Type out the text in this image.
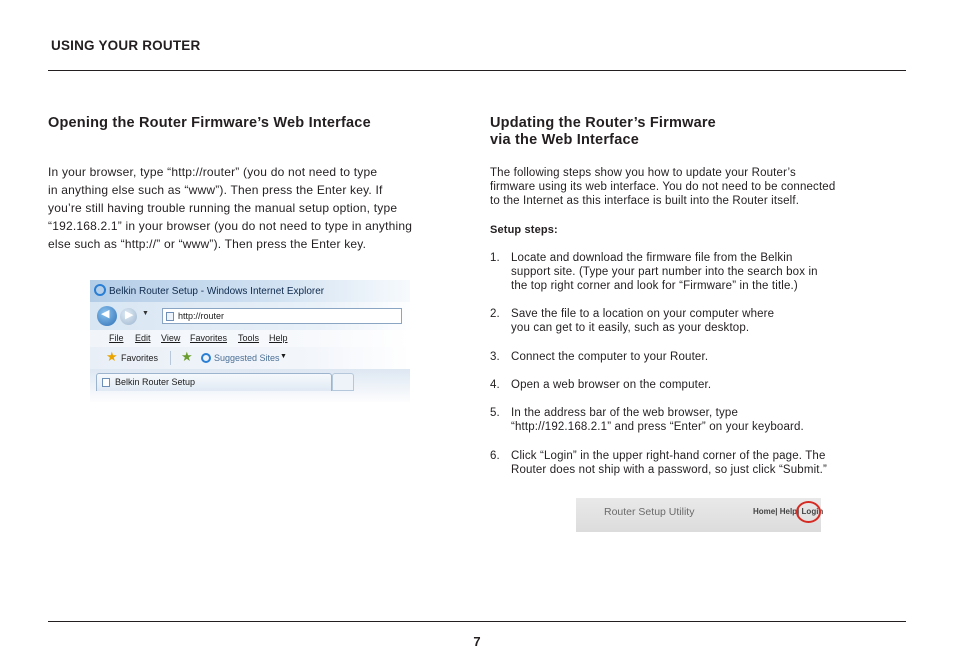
USING YOUR ROUTER
Opening the Router Firmware’s Web Interface

In your browser, type “http://router” (you do not need to type

in anything else such as “www”). Then press the Enter key. If

you’re still having trouble running the manual setup option, type

“192.168.2.1” in your browser (you do not need to type in anything

else such as “http://” or “www”). Then press the Enter key.

Belkin Router Setup - Windows Internet Explorer
◀ ▶ ▼	http://router
File Edit View Favorites Tools Help
★ Favorites ★ Suggested Sites ▼
Belkin Router Setup
Updating the Router’s Firmware
via the Web Interface

The following steps show you how to update your Router’s

firmware using its web interface. You do not need to be connected

to the Internet as this interface is built into the Router itself.

Setup steps:
1. Locate and download the firmware file from the Belkin

support site. (Type your part number into the search box in

the top right corner and look for “Firmware” in the title.)

2. Save the file to a location on your computer where

you can get to it easily, such as your desktop.

3. Connect the computer to your Router.

4. Open a web browser on the computer.

5. In the address bar of the web browser, type

“http://192.168.2.1” and press “Enter” on your keyboard.

6. Click “Login” in the upper right-hand corner of the page. The

Router does not ship with a password, so just click “Submit.”

Router Setup Utility	Home| Help| Login
7
